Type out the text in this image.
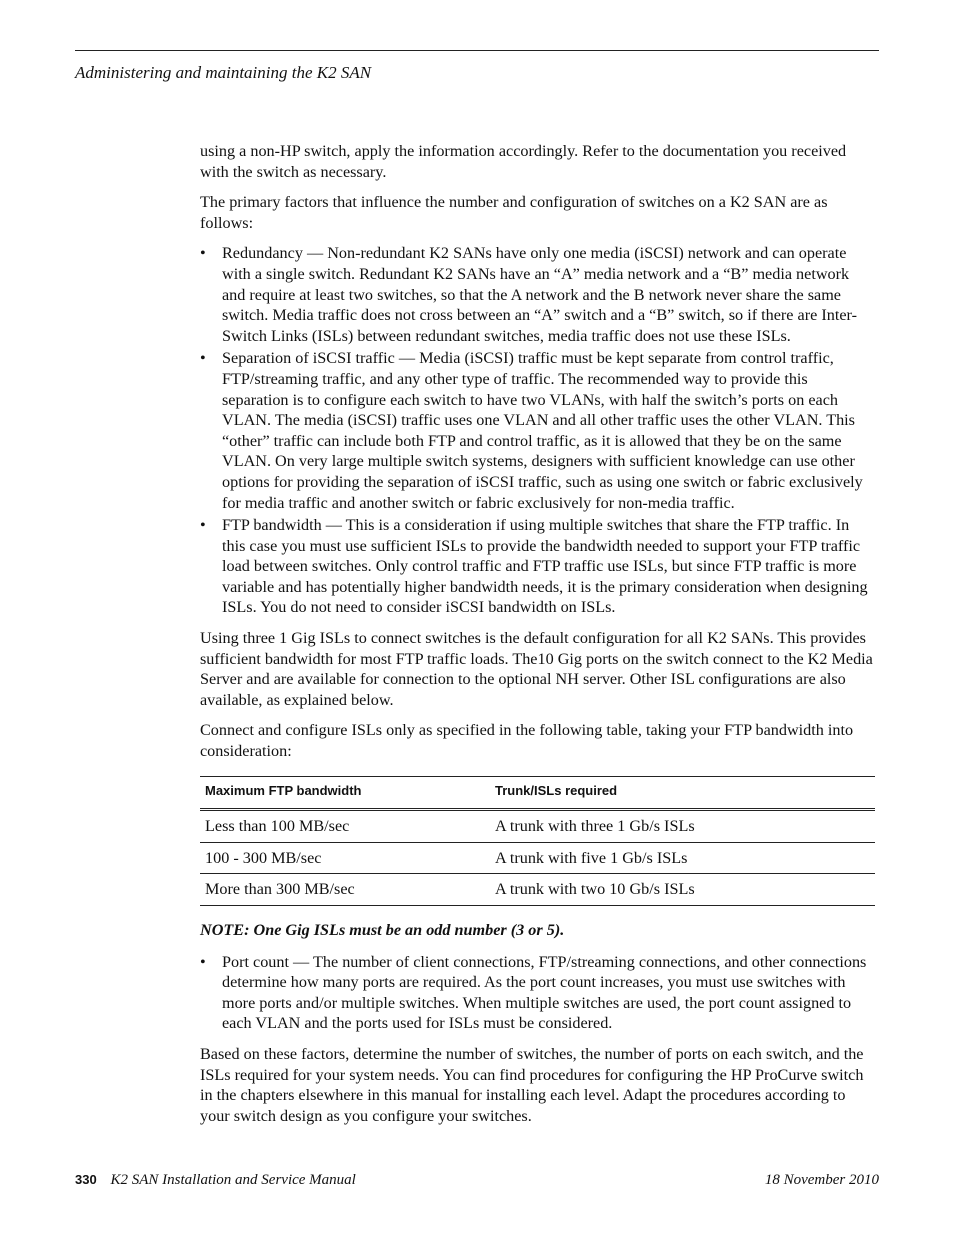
Administering and maintaining the K2 SAN

using a non-HP switch, apply the information accordingly. Refer to the documentation you received with the switch as necessary.

The primary factors that influence the number and configuration of switches on a K2 SAN are as follows:

• Redundancy — Non-redundant K2 SANs have only one media (iSCSI) network and can operate with a single switch. Redundant K2 SANs have an “A” media network and a “B” media network and require at least two switches, so that the A network and the B network never share the same switch. Media traffic does not cross between an “A” switch and a “B” switch, so if there are Inter-Switch Links (ISLs) between redundant switches, media traffic does not use these ISLs.
• Separation of iSCSI traffic — Media (iSCSI) traffic must be kept separate from control traffic, FTP/streaming traffic, and any other type of traffic. The recommended way to provide this separation is to configure each switch to have two VLANs, with half the switch’s ports on each VLAN. The media (iSCSI) traffic uses one VLAN and all other traffic uses the other VLAN. This “other” traffic can include both FTP and control traffic, as it is allowed that they be on the same VLAN. On very large multiple switch systems, designers with sufficient knowledge can use other options for providing the separation of iSCSI traffic, such as using one switch or fabric exclusively for media traffic and another switch or fabric exclusively for non-media traffic.
• FTP bandwidth — This is a consideration if using multiple switches that share the FTP traffic. In this case you must use sufficient ISLs to provide the bandwidth needed to support your FTP traffic load between switches. Only control traffic and FTP traffic use ISLs, but since FTP traffic is more variable and has potentially higher bandwidth needs, it is the primary consideration when designing ISLs. You do not need to consider iSCSI bandwidth on ISLs.

Using three 1 Gig ISLs to connect switches is the default configuration for all K2 SANs. This provides sufficient bandwidth for most FTP traffic loads. The10 Gig ports on the switch connect to the K2 Media Server and are available for connection to the optional NH server. Other ISL configurations are also available, as explained below.

Connect and configure ISLs only as specified in the following table, taking your FTP bandwidth into consideration:

Maximum FTP bandwidth	Trunk/ISLs required
Less than 100 MB/sec	A trunk with three 1 Gb/s ISLs
100 - 300 MB/sec	A trunk with five 1 Gb/s ISLs
More than 300 MB/sec	A trunk with two 10 Gb/s ISLs

NOTE: One Gig ISLs must be an odd number (3 or 5).

• Port count — The number of client connections, FTP/streaming connections, and other connections determine how many ports are required. As the port count increases, you must use switches with more ports and/or multiple switches. When multiple switches are used, the port count assigned to each VLAN and the ports used for ISLs must be considered.

Based on these factors, determine the number of switches, the number of ports on each switch, and the ISLs required for your system needs. You can find procedures for configuring the HP ProCurve switch in the chapters elsewhere in this manual for installing each level. Adapt the procedures according to your switch design as you configure your switches.

330 K2 SAN Installation and Service Manual	18 November 2010
